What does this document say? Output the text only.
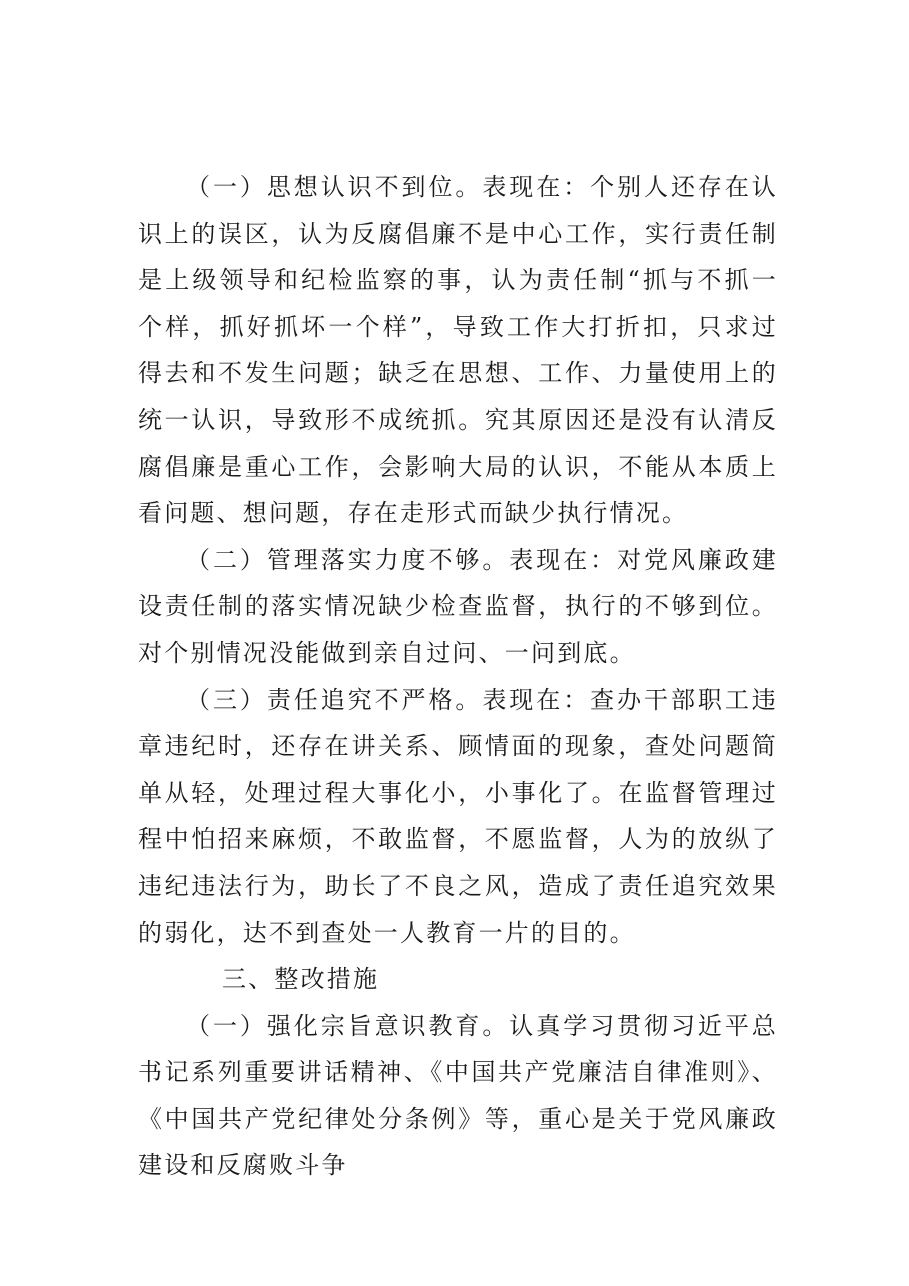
（一）思想认识不到位。表现在：个别人还存在认识上的误区，认为反腐倡廉不是中心工作，实行责任制是上级领导和纪检监察的事，认为责任制“抓与不抓一个样，抓好抓坏一个样”，导致工作大打折扣，只求过得去和不发生问题；缺乏在思想、工作、力量使用上的统一认识，导致形不成统抓。究其原因还是没有认清反腐倡廉是重心工作，会影响大局的认识，不能从本质上看问题、想问题，存在走形式而缺少执行情况。

（二）管理落实力度不够。表现在：对党风廉政建设责任制的落实情况缺少检查监督，执行的不够到位。对个别情况没能做到亲自过问、一问到底。

（三）责任追究不严格。表现在：查办干部职工违章违纪时，还存在讲关系、顾情面的现象，查处问题简单从轻，处理过程大事化小，小事化了。在监督管理过程中怕招来麻烦，不敢监督，不愿监督，人为的放纵了违纪违法行为，助长了不良之风，造成了责任追究效果的弱化，达不到查处一人教育一片的目的。

三、整改措施

（一）强化宗旨意识教育。认真学习贯彻习近平总书记系列重要讲话精神、《中国共产党廉洁自律准则》、《中国共产党纪律处分条例》等，重心是关于党风廉政建设和反腐败斗争
